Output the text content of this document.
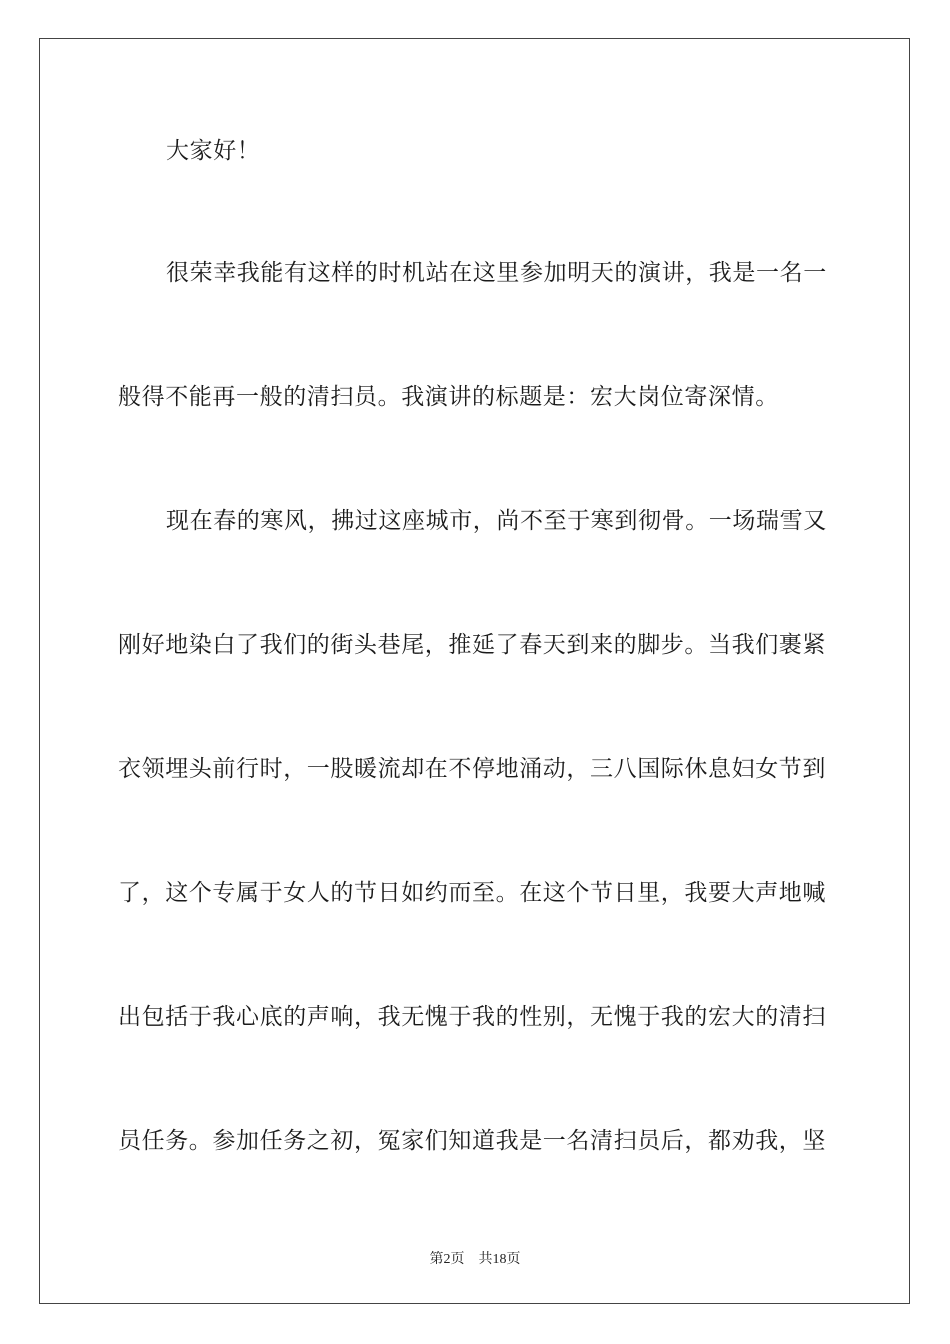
大家好！
很荣幸我能有这样的时机站在这里参加明天的演讲，我是一名一
般得不能再一般的清扫员。我演讲的标题是：宏大岗位寄深情。
现在春的寒风，拂过这座城市，尚不至于寒到彻骨。一场瑞雪又
刚好地染白了我们的街头巷尾，推延了春天到来的脚步。当我们裹紧
衣领埋头前行时，一股暖流却在不停地涌动，三八国际休息妇女节到
了，这个专属于女人的节日如约而至。在这个节日里，我要大声地喊
出包括于我心底的声响，我无愧于我的性别，无愧于我的宏大的清扫
员任务。参加任务之初，冤家们知道我是一名清扫员后，都劝我，坚
第2页 共18页
